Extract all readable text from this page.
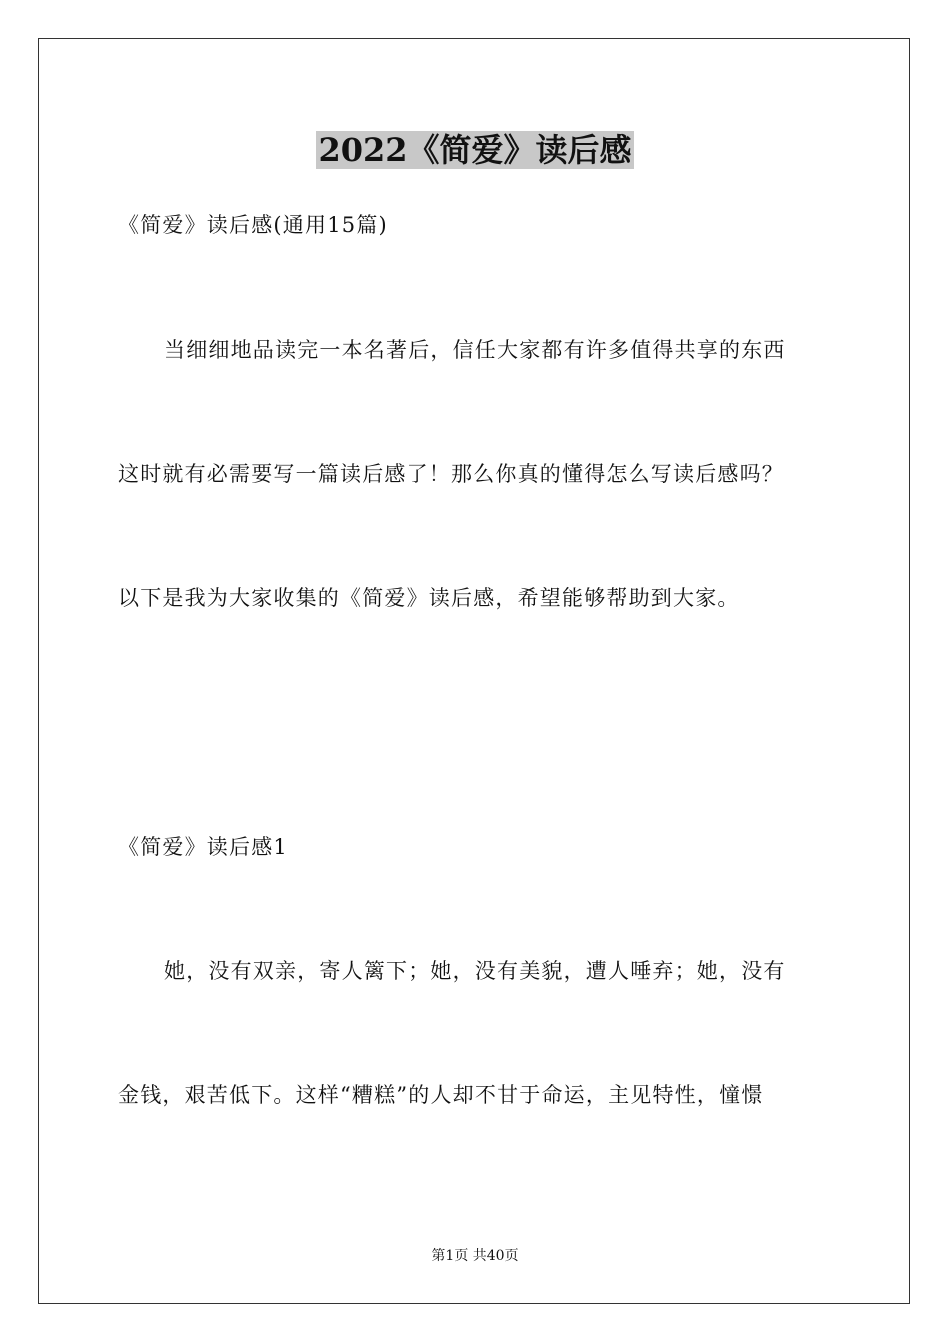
2022《简爱》读后感
《简爱》读后感(通用15篇)
当细细地品读完一本名著后，信任大家都有许多值得共享的东西
这时就有必需要写一篇读后感了！那么你真的懂得怎么写读后感吗？
以下是我为大家收集的《简爱》读后感，希望能够帮助到大家。
《简爱》读后感1
她，没有双亲，寄人篱下；她，没有美貌，遭人唾弃；她，没有
金钱，艰苦低下。这样“糟糕”的人却不甘于命运，主见特性，憧憬
第1页 共40页
